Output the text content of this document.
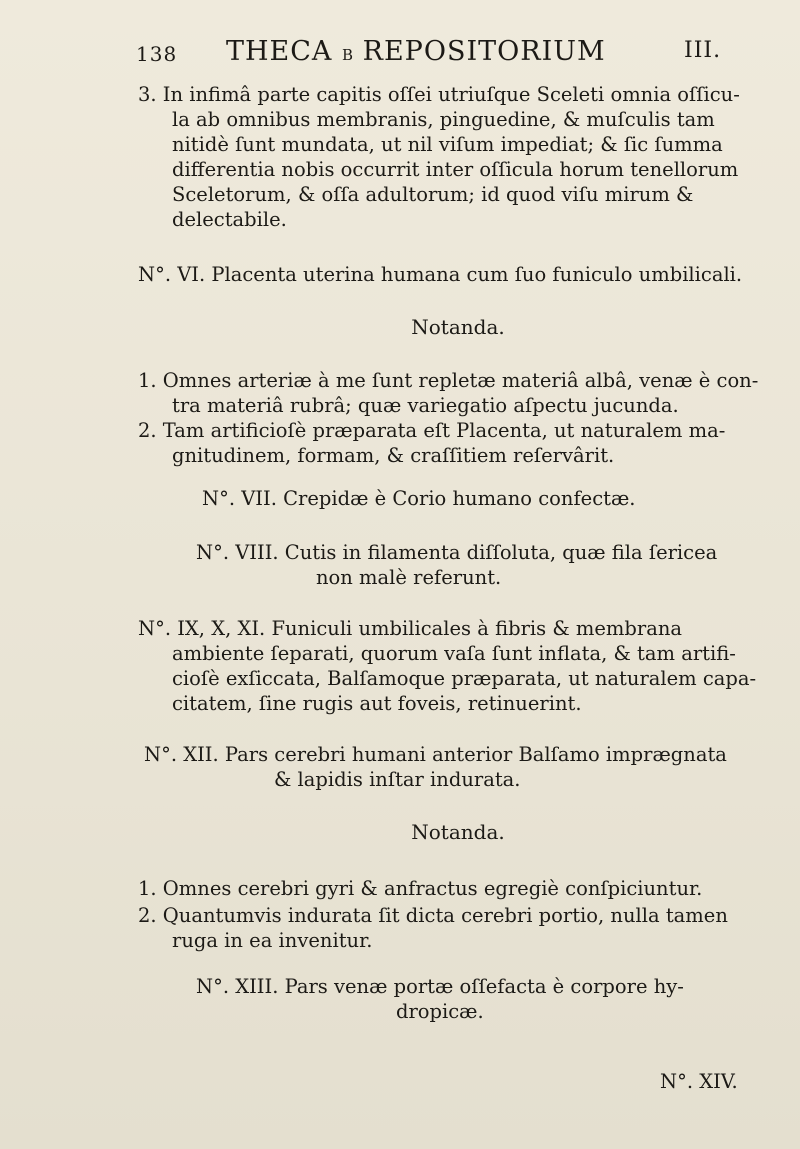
138 THECA B REPOSITORIUM	III.

3. In infimâ parte capitis oſſei utriuſque Sceleti omnia oſſicu-
la ab omnibus membranis, pinguedine, & muſculis tam
nitidè ſunt mundata, ut nil viſum impediat; & ſic ſumma
differentia nobis occurrit inter oſſicula horum tenellorum
Sceletorum, & oſſa adultorum; id quod viſu mirum &
delectabile.

N°. VI. Placenta uterina humana cum ſuo funiculo umbilicali.

Notanda.

1. Omnes arteriæ à me ſunt repletæ materiâ albâ, venæ è con-
tra materiâ rubrâ; quæ variegatio aſpectu jucunda.

2. Tam artificioſè præparata eſt Placenta, ut naturalem ma-
gnitudinem, formam, & craſſitiem reſervârit.

N°. VII. Crepidæ è Corio humano confectæ.

N°. VIII. Cutis in filamenta diſſoluta, quæ fila ſericea
non malè referunt.

N°. IX, X, XI. Funiculi umbilicales à fibris & membrana
ambiente ſeparati, quorum vaſa ſunt inflata, & tam artifi-
cioſè exſiccata, Balſamoque præparata, ut naturalem capa-
citatem, ſine rugis aut foveis, retinuerint.

N°. XII. Pars cerebri humani anterior Balſamo imprægnata
& lapidis inſtar indurata.

Notanda.

1. Omnes cerebri gyri & anfractus egregiè conſpiciuntur.

2. Quantumvis indurata ſit dicta cerebri portio, nulla tamen
ruga in ea invenitur.

N°. XIII. Pars venæ portæ oſſefacta è corpore hy-
dropicæ.

N°. XIV.
